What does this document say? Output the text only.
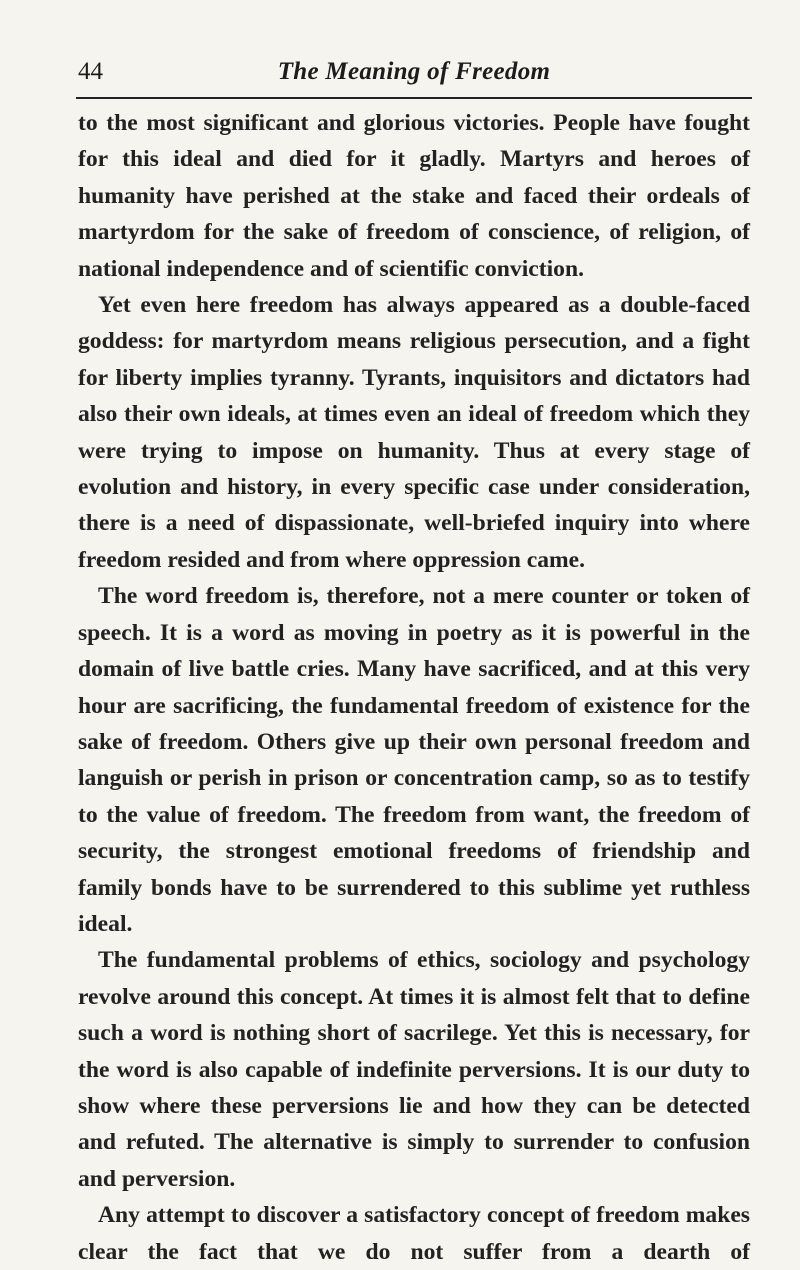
44	The Meaning of Freedom

to the most significant and glorious victories. People have fought for this ideal and died for it gladly. Martyrs and heroes of humanity have perished at the stake and faced their ordeals of martyrdom for the sake of freedom of conscience, of religion, of national independence and of scientific conviction.

Yet even here freedom has always appeared as a double-faced goddess: for martyrdom means religious persecution, and a fight for liberty implies tyranny. Tyrants, inquisitors and dictators had also their own ideals, at times even an ideal of freedom which they were trying to impose on humanity. Thus at every stage of evolution and history, in every specific case under consideration, there is a need of dispassionate, well-briefed inquiry into where freedom resided and from where oppression came.

The word freedom is, therefore, not a mere counter or token of speech. It is a word as moving in poetry as it is powerful in the domain of live battle cries. Many have sacrificed, and at this very hour are sacrificing, the fundamental freedom of existence for the sake of freedom. Others give up their own personal freedom and languish or perish in prison or concentration camp, so as to testify to the value of freedom. The freedom from want, the freedom of security, the strongest emotional freedoms of friendship and family bonds have to be surrendered to this sublime yet ruthless ideal.

The fundamental problems of ethics, sociology and psychology revolve around this concept. At times it is almost felt that to define such a word is nothing short of sacrilege. Yet this is necessary, for the word is also capable of indefinite perversions. It is our duty to show where these perversions lie and how they can be detected and refuted. The alternative is simply to surrender to confusion and perversion.

Any attempt to discover a satisfactory concept of freedom makes clear the fact that we do not suffer from a dearth of
